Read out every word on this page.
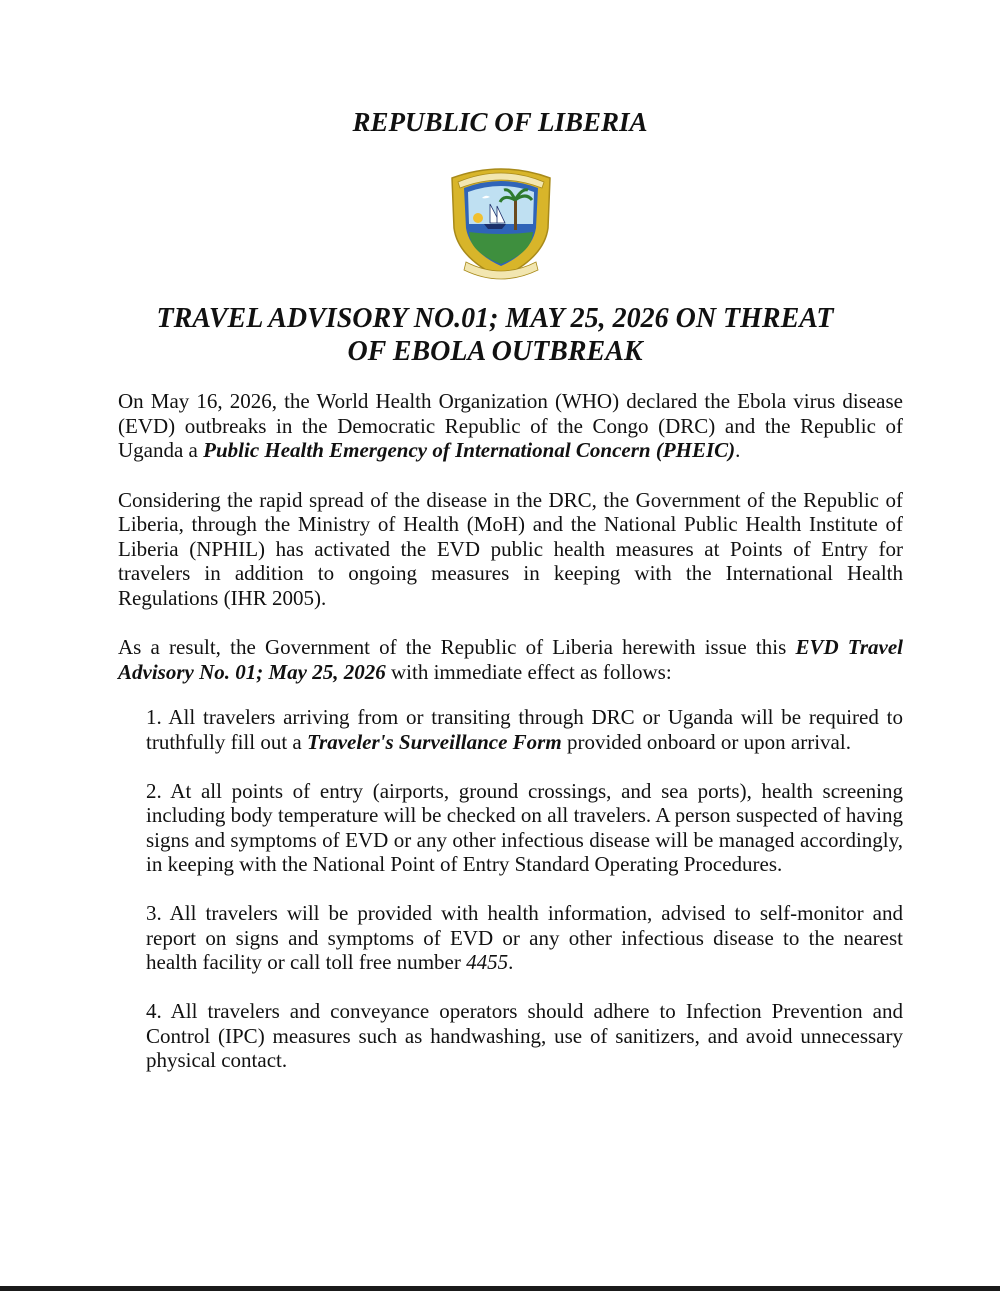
REPUBLIC OF LIBERIA
TRAVEL ADVISORY NO.01; MAY 25, 2026 ON THREAT
OF EBOLA OUTBREAK

On May 16, 2026, the World Health Organization (WHO) declared the Ebola virus disease (EVD) outbreaks in the Democratic Republic of the Congo (DRC) and the Republic of Uganda a Public Health Emergency of International Concern (PHEIC).

Considering the rapid spread of the disease in the DRC, the Government of the Republic of Liberia, through the Ministry of Health (MoH) and the National Public Health Institute of Liberia (NPHIL) has activated the EVD public health measures at Points of Entry for travelers in addition to ongoing measures in keeping with the International Health Regulations (IHR 2005).

As a result, the Government of the Republic of Liberia herewith issue this EVD Travel Advisory No. 01; May 25, 2026 with immediate effect as follows:

1. All travelers arriving from or transiting through DRC or Uganda will be required to truthfully fill out a Traveler's Surveillance Form provided onboard or upon arrival.

2. At all points of entry (airports, ground crossings, and sea ports), health screening including body temperature will be checked on all travelers. A person suspected of having signs and symptoms of EVD or any other infectious disease will be managed accordingly, in keeping with the National Point of Entry Standard Operating Procedures.

3. All travelers will be provided with health information, advised to self-monitor and report on signs and symptoms of EVD or any other infectious disease to the nearest health facility or call toll free number 4455.

4. All travelers and conveyance operators should adhere to Infection Prevention and Control (IPC) measures such as handwashing, use of sanitizers, and avoid unnecessary physical contact.
